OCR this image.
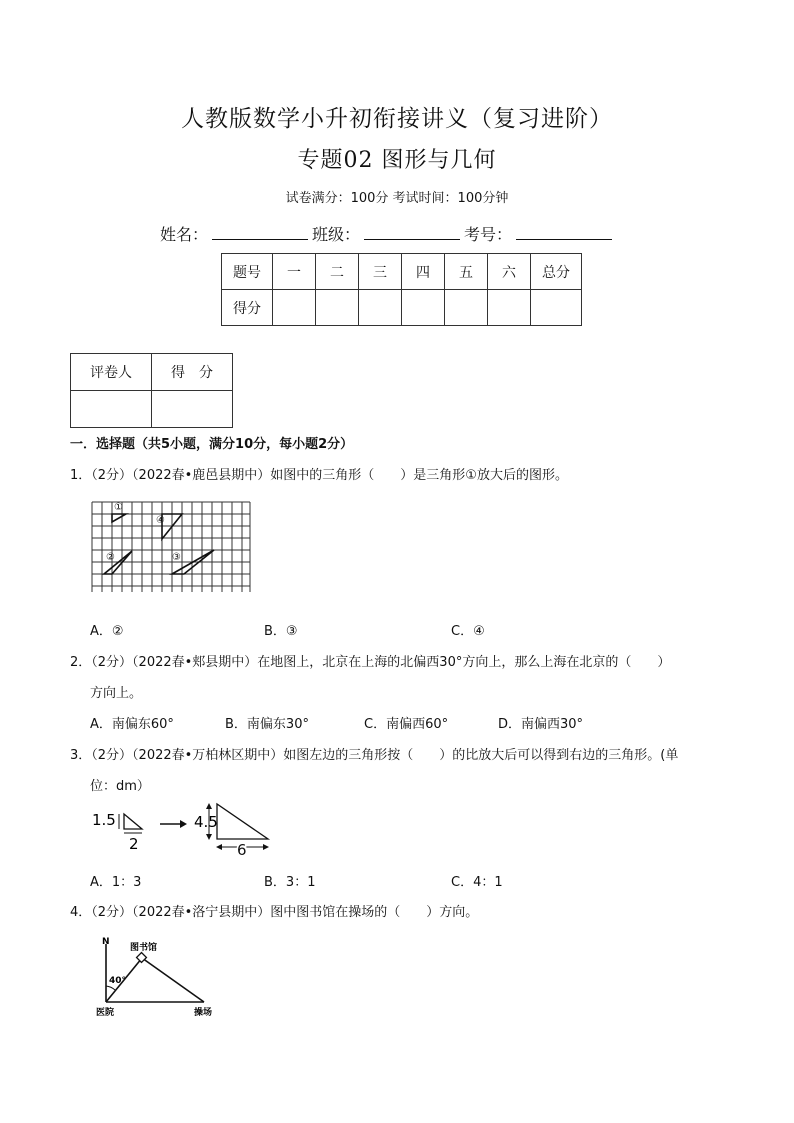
人教版数学小升初衔接讲义（复习进阶）
专题02 图形与几何
试卷满分：100分 考试时间：100分钟
姓名：	班级：	考号：
题号	一	二	三	四	五	六	总分
得分							
评卷人	得　分

一．选择题（共5小题，满分10分，每小题2分）
1．（2分）（2022春•鹿邑县期中）如图中的三角形（　　）是三角形①放大后的图形。
①
④
②	③
A．②	B．③	C．④
2．（2分）（2022春•郏县期中）在地图上，北京在上海的北偏西30°方向上，那么上海在北京的（　　）
方向上。
A．南偏东60°	B．南偏东30°	C．南偏西60°	D．南偏西30°
3．（2分）（2022春•万柏林区期中）如图左边的三角形按（　　）的比放大后可以得到右边的三角形。(单
位：dm）
1.5
2
4.5
6
A．1：3	B．3：1	C．4：1
4．（2分）（2022春•洛宁县期中）图中图书馆在操场的（　　）方向。
N
图书馆
40°
医院	操场
